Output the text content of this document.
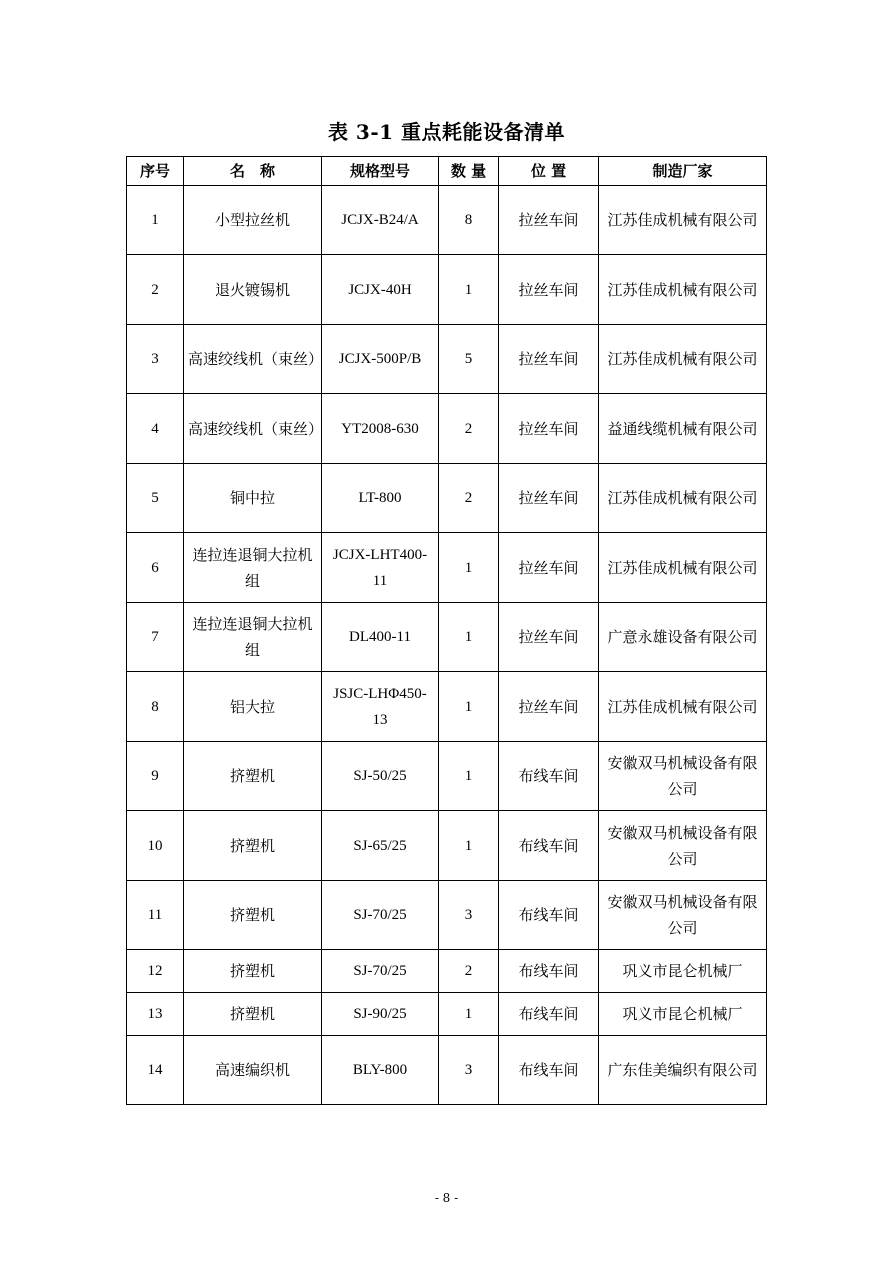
表 3-1 重点耗能设备清单
序号	名　称	规格型号	数 量	位 置	制造厂家
1	小型拉丝机	JCJX-B24/A	8	拉丝车间	江苏佳成机械有限公司
2	退火镀锡机	JCJX-40H	1	拉丝车间	江苏佳成机械有限公司
3	高速绞线机（束丝）	JCJX-500P/B	5	拉丝车间	江苏佳成机械有限公司
4	高速绞线机（束丝）	YT2008-630	2	拉丝车间	益通线缆机械有限公司
5	铜中拉	LT-800	2	拉丝车间	江苏佳成机械有限公司
6	连拉连退铜大拉机组	JCJX-LHT400-11	1	拉丝车间	江苏佳成机械有限公司
7	连拉连退铜大拉机组	DL400-11	1	拉丝车间	广意永雄设备有限公司
8	铝大拉	JSJC-LHΦ450-13	1	拉丝车间	江苏佳成机械有限公司
9	挤塑机	SJ-50/25	1	布线车间	安徽双马机械设备有限公司
10	挤塑机	SJ-65/25	1	布线车间	安徽双马机械设备有限公司
11	挤塑机	SJ-70/25	3	布线车间	安徽双马机械设备有限公司
12	挤塑机	SJ-70/25	2	布线车间	巩义市昆仑机械厂
13	挤塑机	SJ-90/25	1	布线车间	巩义市昆仑机械厂
14	高速编织机	BLY-800	3	布线车间	广东佳美编织有限公司
- 8 -
